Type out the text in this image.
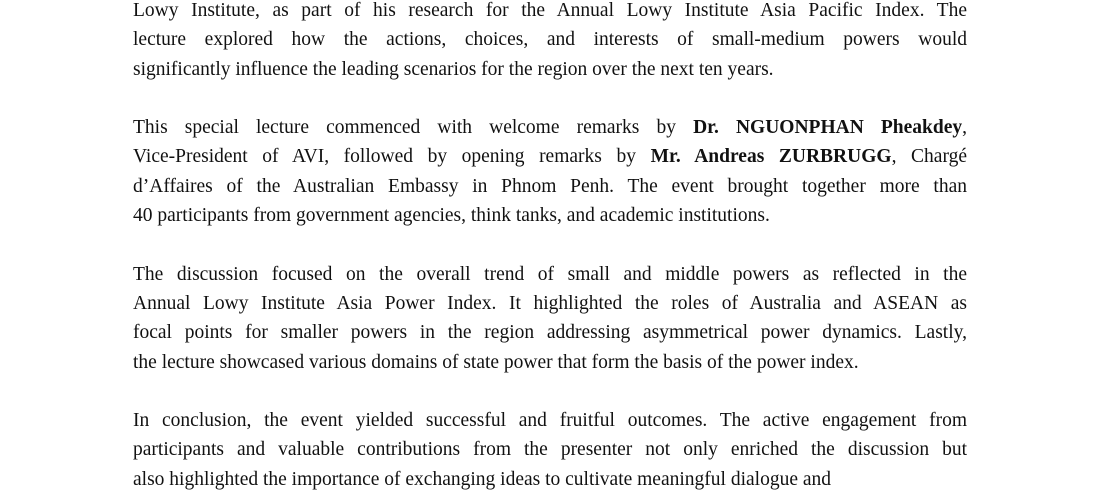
Lowy Institute, as part of his research for the Annual Lowy Institute Asia Pacific Index. The
lecture explored how the actions, choices, and interests of small-medium powers would
significantly influence the leading scenarios for the region over the next ten years.

This special lecture commenced with welcome remarks by Dr. NGUONPHAN Pheakdey,
Vice-President of AVI, followed by opening remarks by Mr. Andreas ZURBRUGG, Chargé
d’Affaires of the Australian Embassy in Phnom Penh. The event brought together more than
40 participants from government agencies, think tanks, and academic institutions.

The discussion focused on the overall trend of small and middle powers as reflected in the
Annual Lowy Institute Asia Power Index. It highlighted the roles of Australia and ASEAN as
focal points for smaller powers in the region addressing asymmetrical power dynamics. Lastly,
the lecture showcased various domains of state power that form the basis of the power index.

In conclusion, the event yielded successful and fruitful outcomes. The active engagement from
participants and valuable contributions from the presenter not only enriched the discussion but
also highlighted the importance of exchanging ideas to cultivate meaningful dialogue and
